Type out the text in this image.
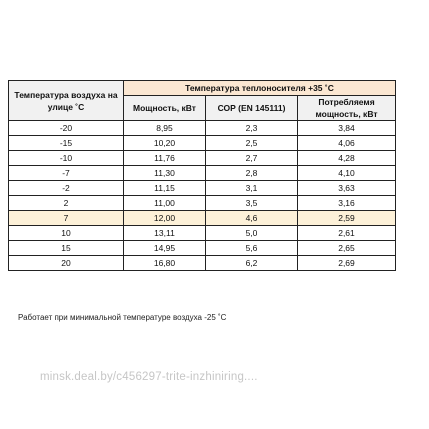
Температура воздуха на улице ˚С	Температура теплоносителя +35 ˚С		
	Мощность, кВт	СОР (EN 145111)	Потребляемя мощность, кВт
-20	8,95	2,3	3,84
-15	10,20	2,5	4,06
-10	11,76	2,7	4,28
-7	11,30	2,8	4,10
-2	11,15	3,1	3,63
2	11,00	3,5	3,16
7	12,00	4,6	2,59
10	13,11	5,0	2,61
15	14,95	5,6	2,65
20	16,80	6,2	2,69
Работает при минимальной температуре воздуха -25 ˚С
minsk.deal.by/c456297-trite-inzhiniring....
